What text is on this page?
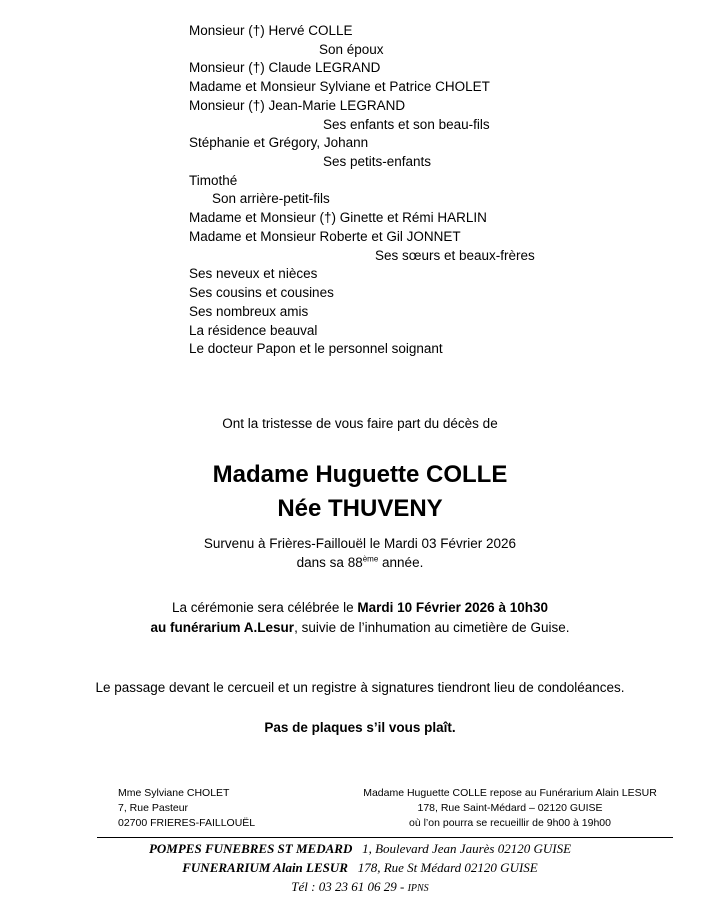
Monsieur (†) Hervé COLLE
Son époux
Monsieur (†) Claude LEGRAND
Madame et Monsieur Sylviane et Patrice CHOLET
Monsieur (†) Jean-Marie LEGRAND
Ses enfants et son beau-fils
Stéphanie et Grégory, Johann
Ses petits-enfants
Timothé
Son arrière-petit-fils
Madame et Monsieur (†) Ginette et Rémi HARLIN
Madame et Monsieur Roberte et Gil JONNET
Ses sœurs et beaux-frères
Ses neveux et nièces
Ses cousins et cousines
Ses nombreux amis
La résidence beauval
Le docteur Papon et le personnel soignant
Ont la tristesse de vous faire part du décès de
Madame Huguette COLLE
Née THUVENY
Survenu à Frières-Faillouël le Mardi 03 Février 2026
dans sa 88ème année.
La cérémonie sera célébrée le Mardi 10 Février 2026 à 10h30
au funérarium A.Lesur, suivie de l’inhumation au cimetière de Guise.
Le passage devant le cercueil et un registre à signatures tiendront lieu de condoléances.
Pas de plaques s’il vous plaît.
Mme Sylviane CHOLET
7, Rue Pasteur
02700 FRIERES-FAILLOUËL
Madame Huguette COLLE repose au Funérarium Alain LESUR
178, Rue Saint-Médard – 02120 GUISE
où l’on pourra se recueillir de 9h00 à 19h00
POMPES FUNEBRES ST MEDARD 1, Boulevard Jean Jaurès 02120 GUISE
FUNERARIUM Alain LESUR 178, Rue St Médard 02120 GUISE
Tél : 03 23 61 06 29 - IPNS
